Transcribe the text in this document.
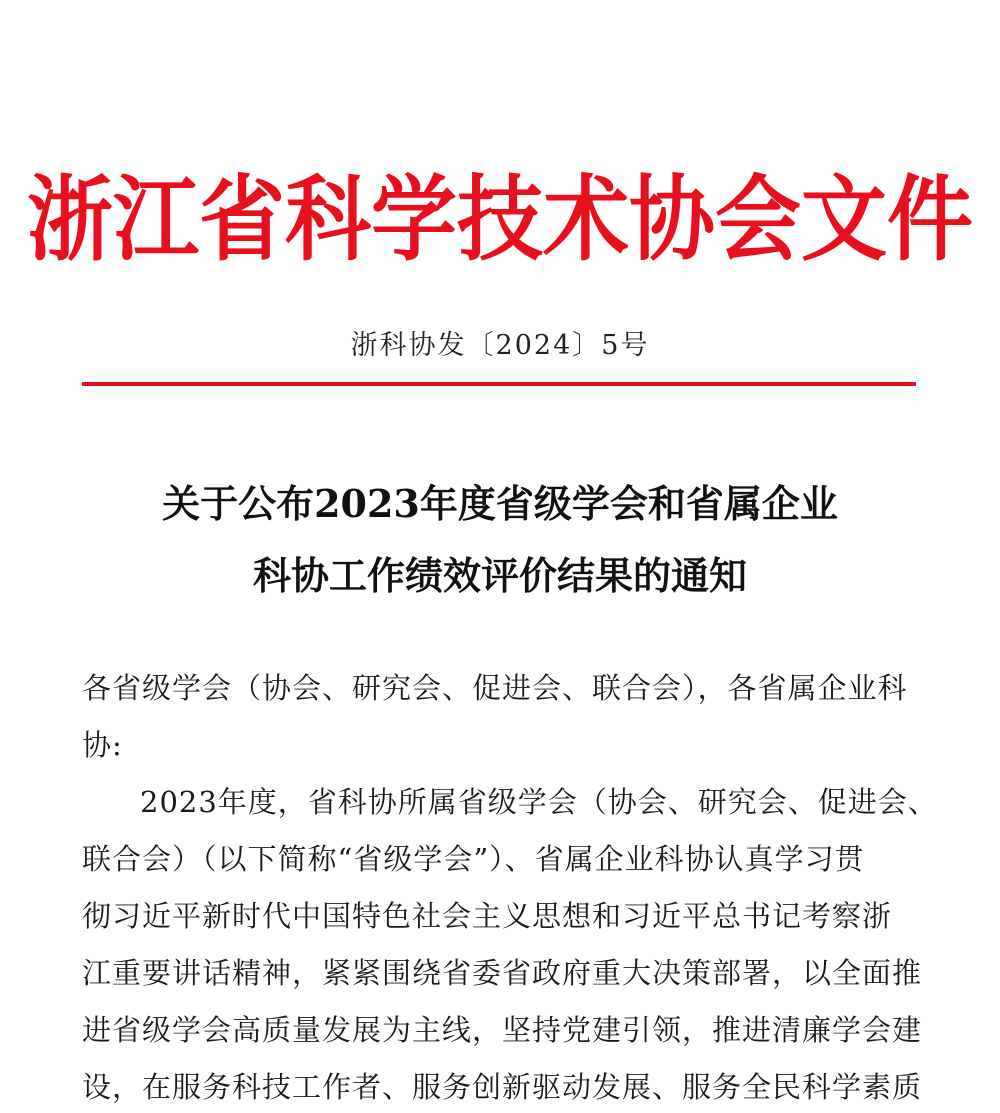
浙江省科学技术协会文件
浙科协发〔2024〕5号
关于公布2023年度省级学会和省属企业
科协工作绩效评价结果的通知

各省级学会（协会、研究会、促进会、联合会），各省属企业科
协:

2023年度，省科协所属省级学会（协会、研究会、促进会、
联合会）（以下简称“省级学会”）、省属企业科协认真学习贯
彻习近平新时代中国特色社会主义思想和习近平总书记考察浙
江重要讲话精神，紧紧围绕省委省政府重大决策部署，以全面推
进省级学会高质量发展为主线，坚持党建引领，推进清廉学会建
设，在服务科技工作者、服务创新驱动发展、服务全民科学素质
